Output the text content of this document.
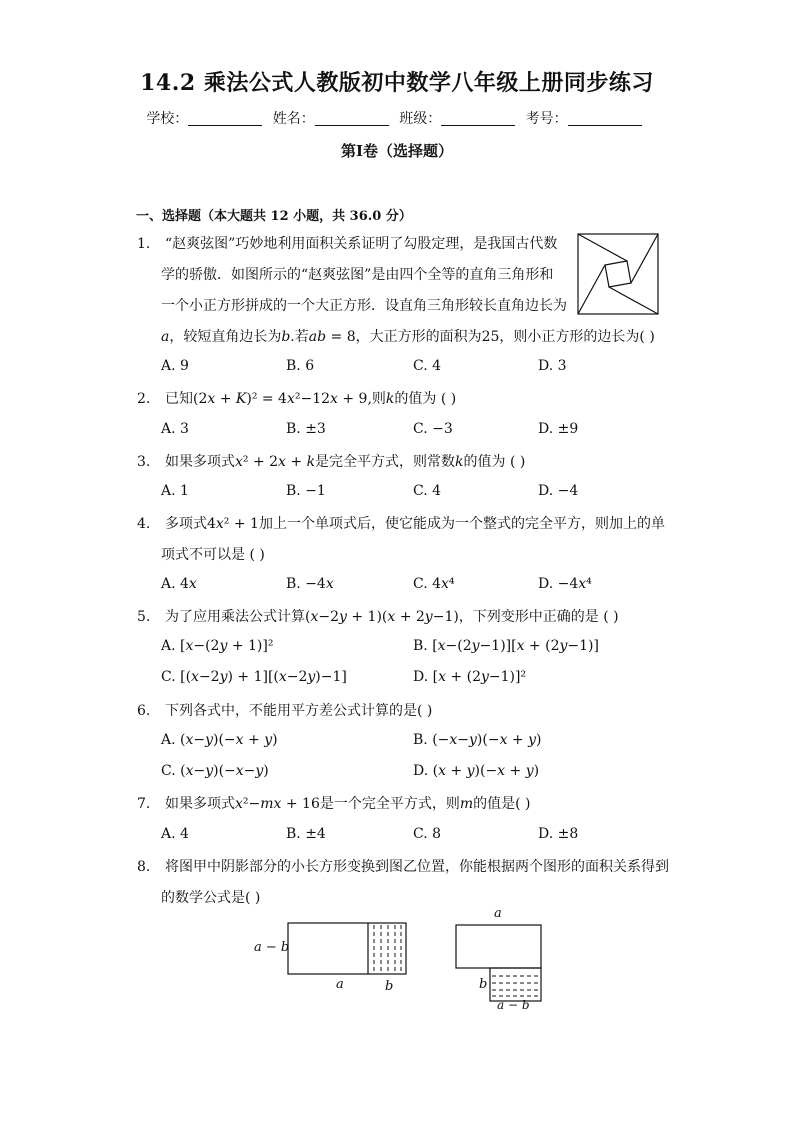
14.2 乘法公式人教版初中数学八年级上册同步练习
学校：	姓名：	班级：	考号：
第Ⅰ卷（选择题）
一、选择题（本大题共 12 小题，共 36.0 分）
1. “赵爽弦图”巧妙地利用面积关系证明了勾股定理，是我国古代数
学的骄傲．如图所示的“赵爽弦图”是由四个全等的直角三角形和
一个小正方形拼成的一个大正方形．设直角三角形较长直角边长为
𝑎，较短直角边长为𝑏.若𝑎𝑏 = 8，大正方形的面积为25，则小正方形的边长为( )
A. 9	B. 6	C. 4	D. 3
2. 已知(2𝑥 + 𝐾)² = 4𝑥²−12𝑥 + 9,则𝑘的值为 ( )
A. 3	B. ±3	C. −3	D. ±9
3. 如果多项式𝑥² + 2𝑥 + 𝑘是完全平方式，则常数𝑘的值为 ( )
A. 1	B. −1	C. 4	D. −4
4. 多项式4𝑥² + 1加上一个单项式后，使它能成为一个整式的完全平方，则加上的单
项式不可以是 ( )
A. 4𝑥	B. −4𝑥	C. 4𝑥⁴	D. −4𝑥⁴
5. 为了应用乘法公式计算(𝑥−2𝑦 + 1)(𝑥 + 2𝑦−1)，下列变形中正确的是 ( )
A. [𝑥−(2𝑦 + 1)]²	B. [𝑥−(2𝑦−1)][𝑥 + (2𝑦−1)]
C. [(𝑥−2𝑦) + 1][(𝑥−2𝑦)−1]	D. [𝑥 + (2𝑦−1)]²
6. 下列各式中，不能用平方差公式计算的是( )
A. (𝑥−𝑦)(−𝑥 + 𝑦)	B. (−𝑥−𝑦)(−𝑥 + 𝑦)
C. (𝑥−𝑦)(−𝑥−𝑦)	D. (𝑥 + 𝑦)(−𝑥 + 𝑦)
7. 如果多项式𝑥²−𝑚𝑥 + 16是一个完全平方式，则𝑚的值是( )
A. 4	B. ±4	C. 8	D. ±8
8. 将图甲中阴影部分的小长方形变换到图乙位置，你能根据两个图形的面积关系得到
的数学公式是( )
𝑎 − 𝑏
𝑎	𝑏
𝑎
𝑏
𝑎 − 𝑏
